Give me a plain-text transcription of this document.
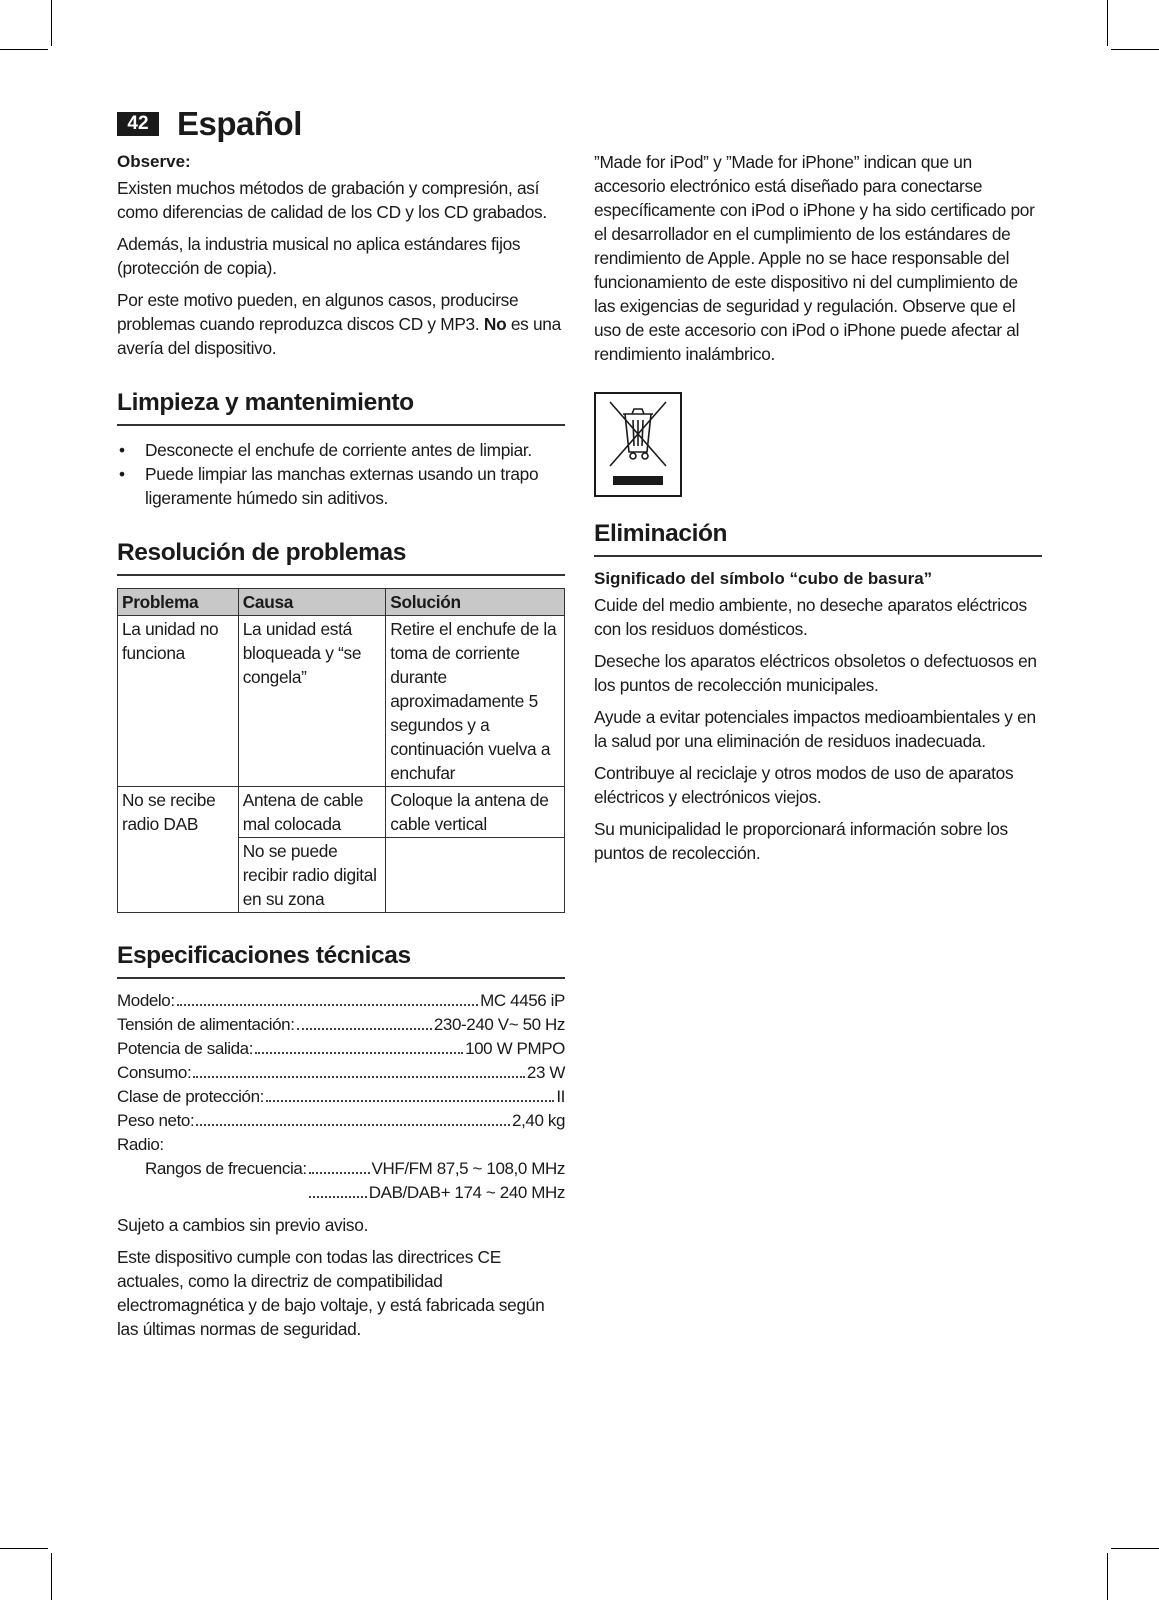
42 Español
Observe:

Existen muchos métodos de grabación y compresión, así como diferencias de calidad de los CD y los CD grabados.

Además, la industria musical no aplica estándares fijos (protección de copia).

Por este motivo pueden, en algunos casos, producirse problemas cuando reproduzca discos CD y MP3. No es una avería del dispositivo.

Limpieza y mantenimiento
• Desconecte el enchufe de corriente antes de limpiar.
• Puede limpiar las manchas externas usando un trapo ligeramente húmedo sin aditivos.
Resolución de problemas
Problema	Causa	Solución
La unidad no funciona	La unidad está bloqueada y “se congela”	Retire el enchufe de la toma de corriente durante aproximadamente 5 segundos y a continuación vuelva a enchufar
No se recibe radio DAB	Antena de cable mal colocada	Coloque la antena de cable vertical
	No se puede recibir radio digital en su zona	
Especificaciones técnicas
Modelo:	MC 4456 iP
Tensión de alimentación:	230-240 V~ 50 Hz
Potencia de salida:	100 W PMPO
Consumo:	23 W
Clase de protección:	II
Peso neto:	2,40 kg
Radio:
Rangos de frecuencia:	VHF/FM 87,5 ~ 108,0 MHz
DAB/DAB+ 174 ~ 240 MHz

Sujeto a cambios sin previo aviso.

Este dispositivo cumple con todas las directrices CE actuales, como la directriz de compatibilidad electromagnética y de bajo voltaje, y está fabricada según las últimas normas de seguridad.

”Made for iPod” y ”Made for iPhone” indican que un accesorio electrónico está diseñado para conectarse específicamente con iPod o iPhone y ha sido certificado por el desarrollador en el cumplimiento de los estándares de rendimiento de Apple. Apple no se hace responsable del funcionamiento de este dispositivo ni del cumplimiento de las exigencias de seguridad y regulación. Observe que el uso de este accesorio con iPod o iPhone puede afectar al rendimiento inalámbrico.

Eliminación
Significado del símbolo “cubo de basura”

Cuide del medio ambiente, no deseche aparatos eléctricos con los residuos domésticos.

Deseche los aparatos eléctricos obsoletos o defectuosos en los puntos de recolección municipales.

Ayude a evitar potenciales impactos medioambientales y en la salud por una eliminación de residuos inadecuada.

Contribuye al reciclaje y otros modos de uso de aparatos eléctricos y electrónicos viejos.

Su municipalidad le proporcionará información sobre los puntos de recolección.
